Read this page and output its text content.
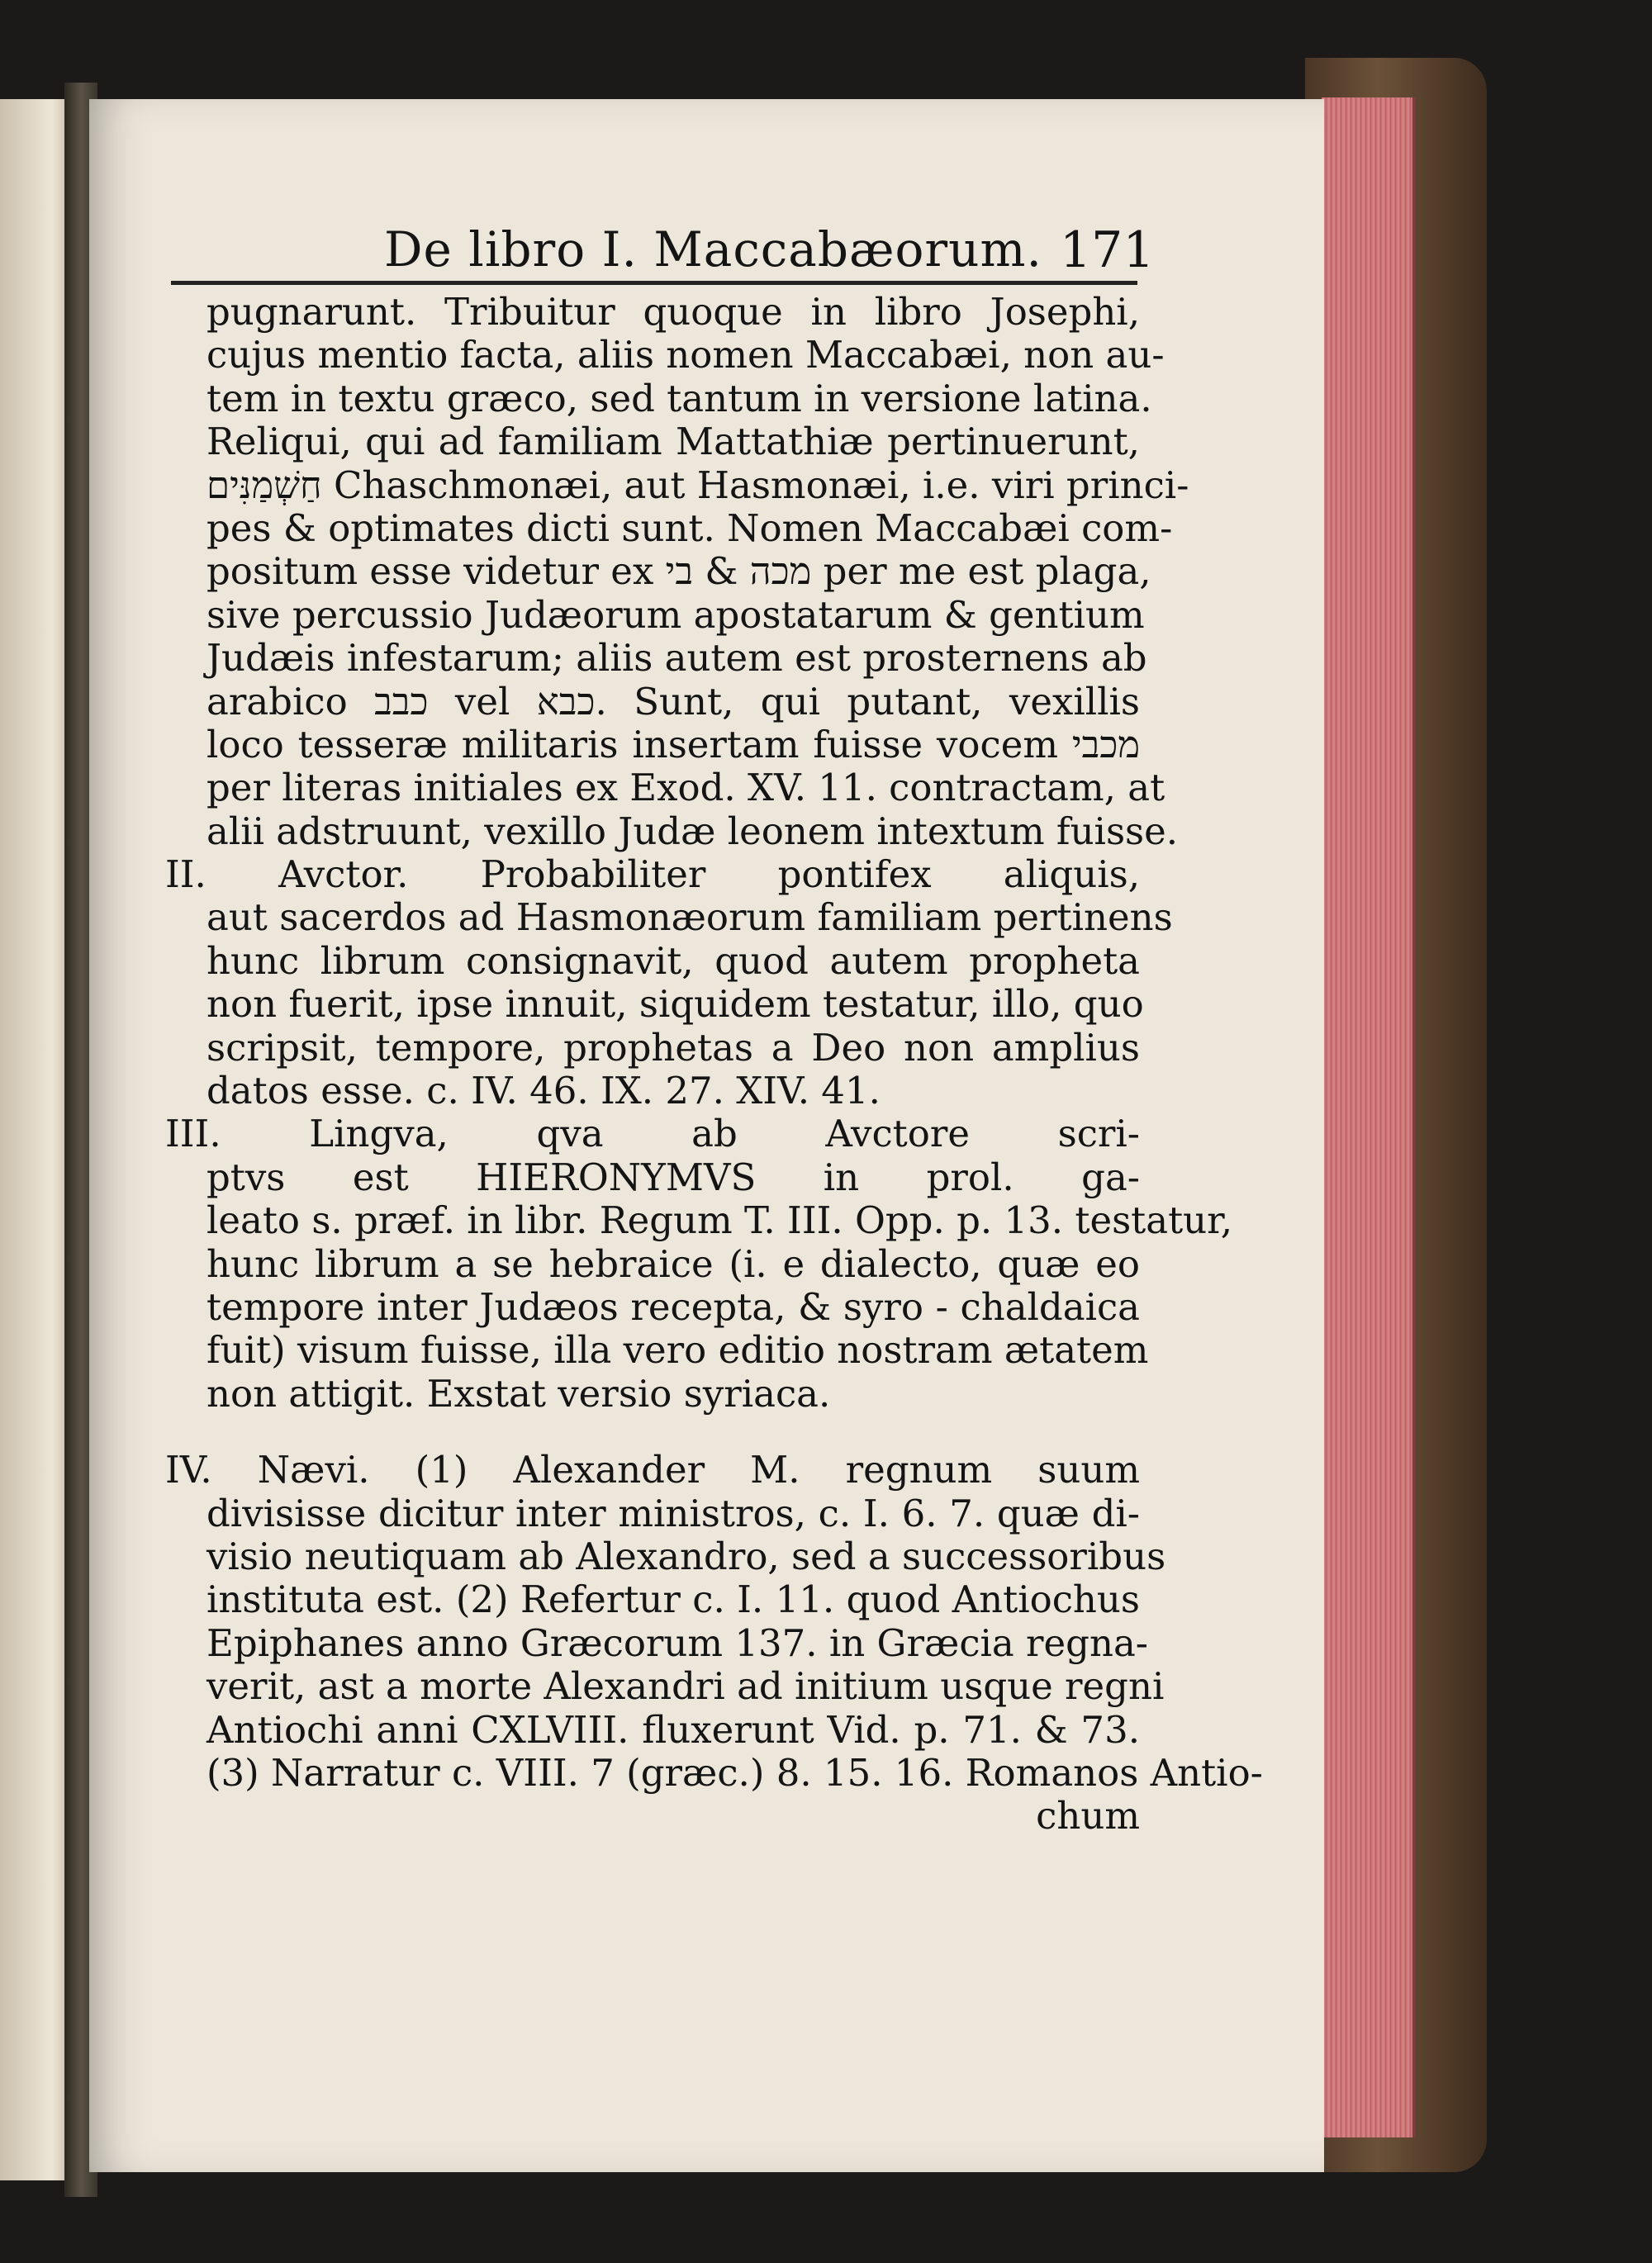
De libro I. Maccabæorum. 171
pugnarunt. Tribuitur quoque in libro Josephi,
cujus mentio facta, aliis nomen Maccabæi, non au-
tem in textu græco, sed tantum in versione latina.
Reliqui, qui ad familiam Mattathiæ pertinuerunt,
חַשְׁמַנִּים Chaschmonæi, aut Hasmonæi, i.e. viri princi-
pes & optimates dicti sunt. Nomen Maccabæi com-
positum esse videtur ex מכה & בי per me est plaga,
sive percussio Judæorum apostatarum & gentium
Judæis infestarum; aliis autem est prosternens ab
arabico כבב vel כבא. Sunt, qui putant, vexillis
loco tesseræ militaris insertam fuisse vocem מכבי
per literas initiales ex Exod. XV. 11. contractam, at
alii adstruunt, vexillo Judæ leonem intextum fuisse.
II. Avctor. Probabiliter pontifex aliquis,
aut sacerdos ad Hasmonæorum familiam pertinens
hunc librum consignavit, quod autem propheta
non fuerit, ipse innuit, siquidem testatur, illo, quo
scripsit, tempore, prophetas a Deo non amplius
datos esse. c. IV. 46. IX. 27. XIV. 41.
III. Lingva, qva ab Avctore scri-
ptvs est HIERONYMVS in prol. ga-
leato s. præf. in libr. Regum T. III. Opp. p. 13. testatur,
hunc librum a se hebraice (i. e dialecto, quæ eo
tempore inter Judæos recepta, & syro - chaldaica
fuit) visum fuisse, illa vero editio nostram ætatem
non attigit. Exstat versio syriaca.
IV. Nævi. (1) Alexander M. regnum suum
divisisse dicitur inter ministros, c. I. 6. 7. quæ di-
visio neutiquam ab Alexandro, sed a successoribus
instituta est. (2) Refertur c. I. 11. quod Antiochus
Epiphanes anno Græcorum 137. in Græcia regna-
verit, ast a morte Alexandri ad initium usque regni
Antiochi anni CXLVIII. fluxerunt Vid. p. 71. & 73.
(3) Narratur c. VIII. 7 (græc.) 8. 15. 16. Romanos Antio-
chum
